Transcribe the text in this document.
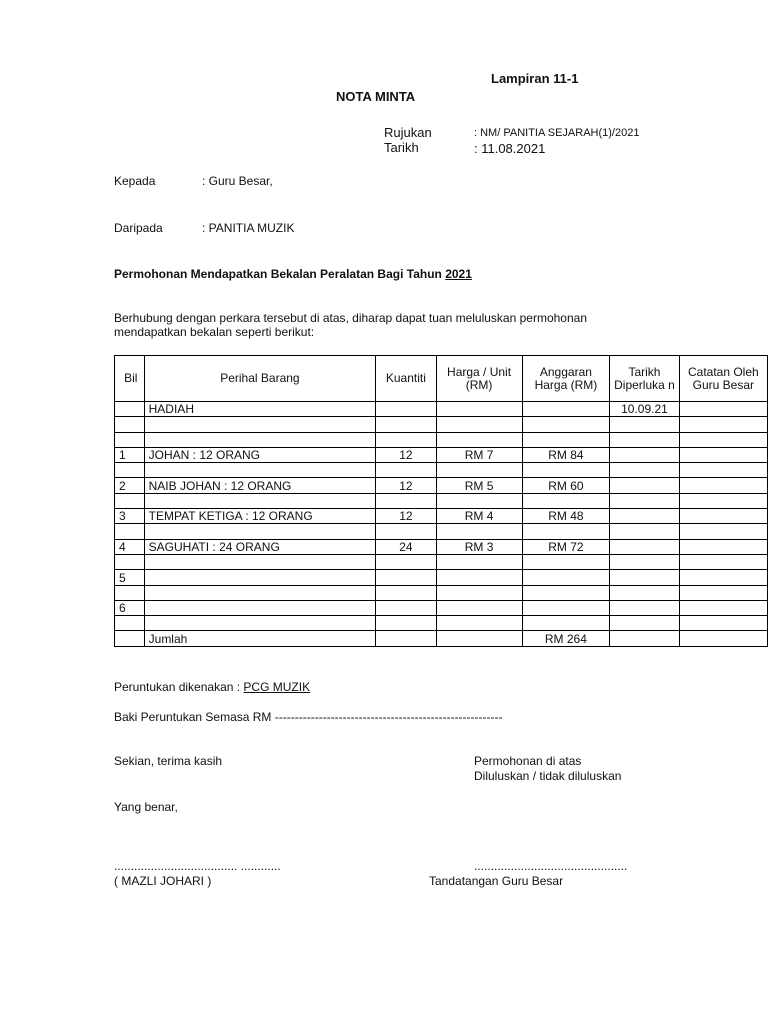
Lampiran 11-1
NOTA MINTA
Rujukan	: NM/ PANITIA SEJARAH(1)/2021
Tarikh	: 11.08.2021
Kepada	: Guru Besar,
Daripada	: PANITIA MUZIK
Permohonan Mendapatkan Bekalan Peralatan Bagi Tahun 2021
Berhubung dengan perkara tersebut di atas, diharap dapat tuan meluluskan permohonan
mendapatkan bekalan seperti berikut:
Bil	Perihal Barang	Kuantiti	Harga / Unit (RM)	Anggaran Harga (RM)	Tarikh Diperluka n	Catatan Oleh Guru Besar
	HADIAH				10.09.21	

1	JOHAN : 12 ORANG	12	RM 7	RM 84		

2	NAIB JOHAN : 12 ORANG	12	RM 5	RM 60		

3	TEMPAT KETIGA : 12 ORANG	12	RM 4	RM 48		

4	SAGUHATI : 24 ORANG	24	RM 3	RM 72		

5						

6						

	Jumlah			RM 264		
Peruntukan dikenakan : PCG MUZIK
Baki Peruntukan Semasa RM ---------------------------------------------------------
Sekian, terima kasih	Permohonan di atas
Diluluskan / tidak diluluskan
Yang benar,
..................................... ............	..............................................
( MAZLI JOHARI )	Tandatangan Guru Besar
